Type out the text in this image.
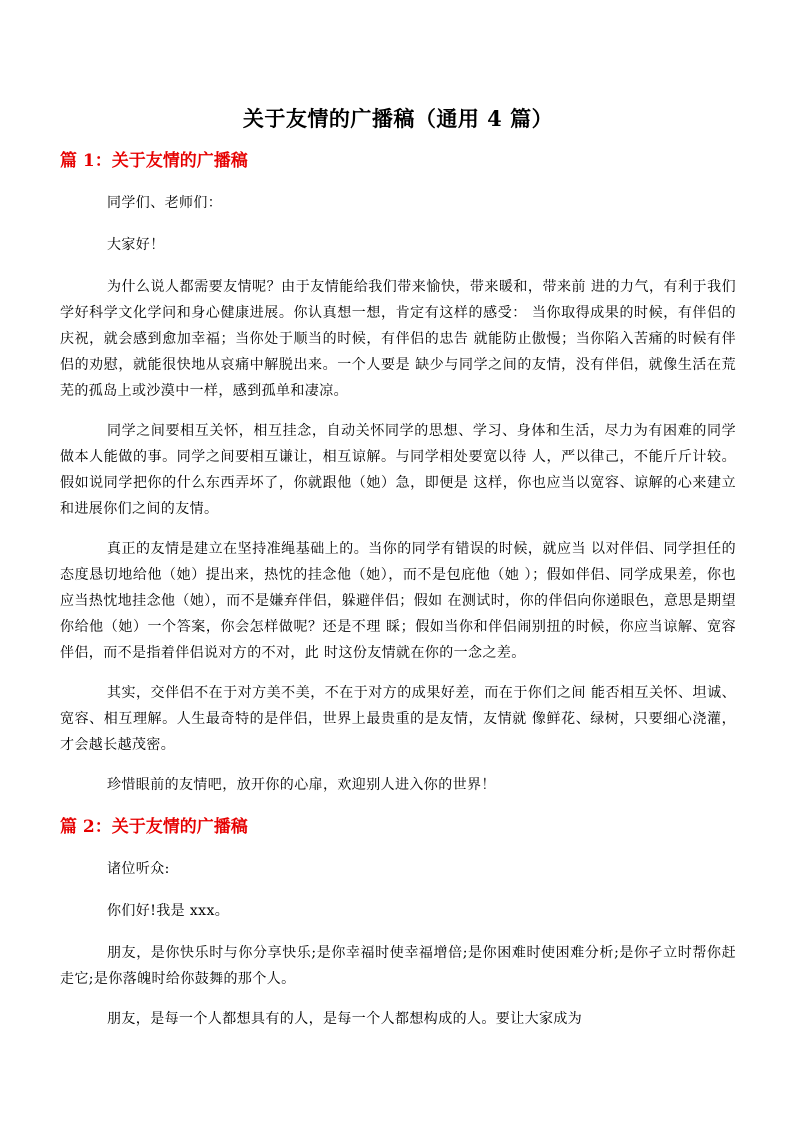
关于友情的广播稿（通用 4 篇）
篇 1：关于友情的广播稿

同学们、老师们：

大家好！

为什么说人都需要友情呢？由于友情能给我们带来愉快，带来暖和，带来前 进的力气，有利于我们学好科学文化学问和身心健康进展。你认真想一想，肯定有这样的感受： 当你取得成果的时候，有伴侣的庆祝，就会感到愈加幸福；当你处于顺当的时候，有伴侣的忠告 就能防止傲慢；当你陷入苦痛的时候有伴侣的劝慰，就能很快地从哀痛中解脱出来。一个人要是 缺少与同学之间的友情，没有伴侣，就像生活在荒芜的孤岛上或沙漠中一样，感到孤单和凄凉。

同学之间要相互关怀，相互挂念，自动关怀同学的思想、学习、身体和生活，尽力为有困难的同学做本人能做的事。同学之间要相互谦让，相互谅解。与同学相处要宽以待 人，严以律己，不能斤斤计较。假如说同学把你的什么东西弄坏了，你就跟他（她）急，即便是 这样，你也应当以宽容、谅解的心来建立和进展你们之间的友情。

真正的友情是建立在坚持准绳基础上的。当你的同学有错误的时候，就应当 以对伴侣、同学担任的态度恳切地给他（她）提出来，热忱的挂念他（她），而不是包庇他（她 ）；假如伴侣、同学成果差，你也应当热忱地挂念他（她），而不是嫌弃伴侣，躲避伴侣；假如 在测试时，你的伴侣向你递眼色，意思是期望你给他（她）一个答案，你会怎样做呢？还是不理 睬；假如当你和伴侣闹别扭的时候，你应当谅解、宽容伴侣，而不是指着伴侣说对方的不对，此 时这份友情就在你的一念之差。

其实，交伴侣不在于对方美不美，不在于对方的成果好差，而在于你们之间 能否相互关怀、坦诚、宽容、相互理解。人生最奇特的是伴侣，世界上最贵重的是友情，友情就 像鲜花、绿树，只要细心浇灌，才会越长越茂密。

珍惜眼前的友情吧，放开你的心扉，欢迎别人进入你的世界！

篇 2：关于友情的广播稿

诸位听众:

你们好!我是 xxx。

朋友，是你快乐时与你分享快乐;是你幸福时使幸福增倍;是你困难时使困难分析;是你孑立时帮你赶走它;是你落魄时给你鼓舞的那个人。

朋友，是每一个人都想具有的人，是每一个人都想构成的人。要让大家成为
